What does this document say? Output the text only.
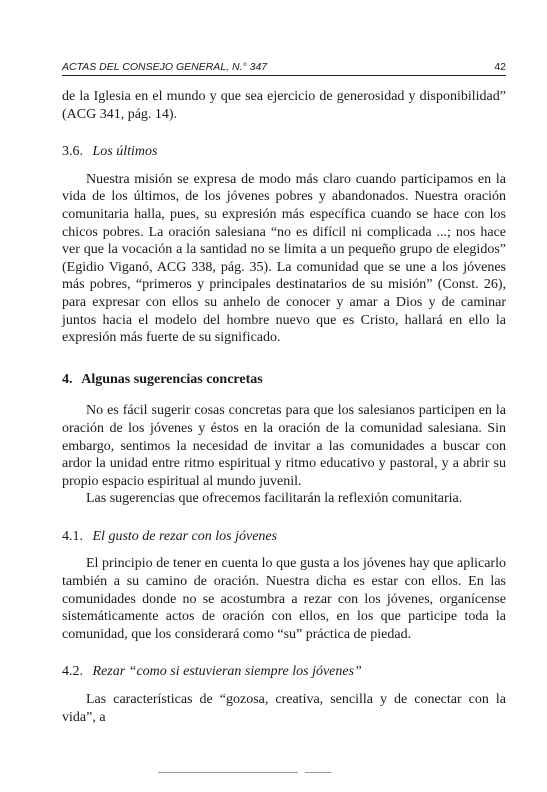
ACTAS DEL CONSEJO GENERAL, N.° 347	42

de la Iglesia en el mundo y que sea ejercicio de generosidad y disponibilidad” (ACG 341, pág. 14).

3.6. Los últimos

Nuestra misión se expresa de modo más claro cuando participamos en la vida de los últimos, de los jóvenes pobres y abandonados. Nuestra oración comunitaria halla, pues, su expresión más específica cuando se hace con los chicos pobres. La oración salesiana “no es difícil ni complicada ...; nos hace ver que la vocación a la santidad no se limita a un pequeño grupo de elegidos” (Egidio Viganó, ACG 338, pág. 35). La comunidad que se une a los jóvenes más pobres, “primeros y principales destinatarios de su misión” (Const. 26), para expresar con ellos su anhelo de conocer y amar a Dios y de caminar juntos hacia el modelo del hombre nuevo que es Cristo, hallará en ello la expresión más fuerte de su significado.

4. Algunas sugerencias concretas

No es fácil sugerir cosas concretas para que los salesianos participen en la oración de los jóvenes y éstos en la oración de la comunidad salesiana. Sin embargo, sentimos la necesidad de invitar a las comunidades a buscar con ardor la unidad entre ritmo espiritual y ritmo educativo y pastoral, y a abrir su propio espacio espiritual al mundo juvenil.

Las sugerencias que ofrecemos facilitarán la reflexión comunitaria.

4.1. El gusto de rezar con los jóvenes

El principio de tener en cuenta lo que gusta a los jóvenes hay que aplicarlo también a su camino de oración. Nuestra dicha es estar con ellos. En las comunidades donde no se acostumbra a rezar con los jóvenes, organícense sistemáticamente actos de oración con ellos, en los que participe toda la comunidad, que los considerará como “su” práctica de piedad.

4.2. Rezar “como si estuvieran siempre los jóvenes”

Las características de “gozosa, creativa, sencilla y de conectar con la vida”, a
